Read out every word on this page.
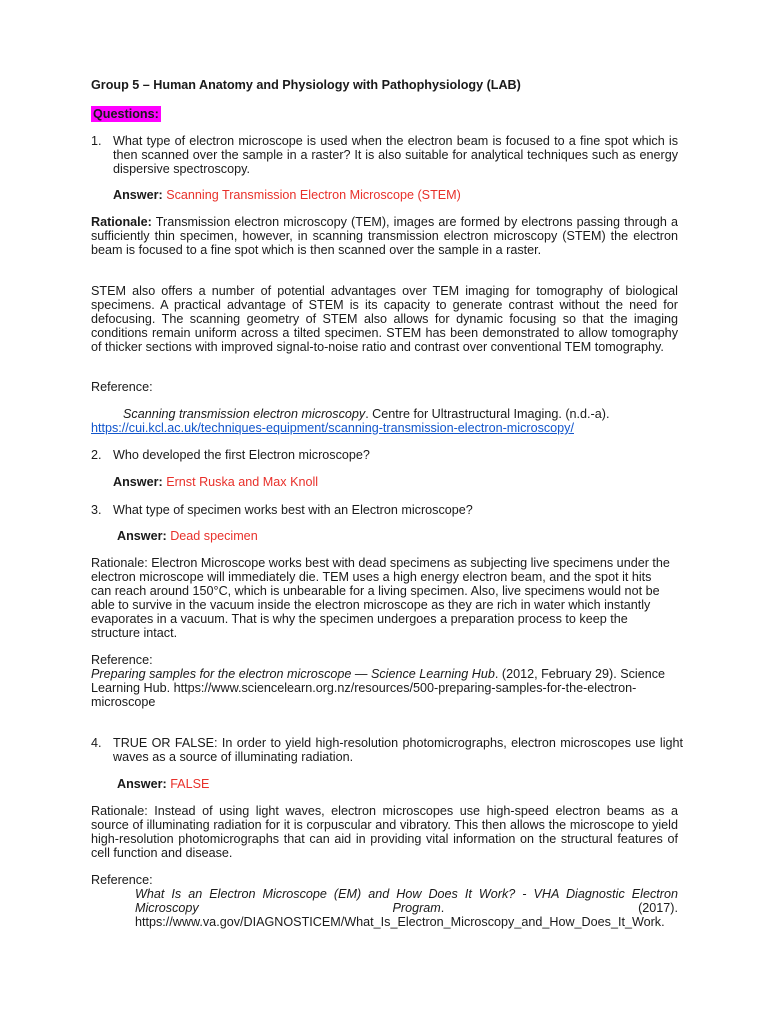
Group 5 – Human Anatomy and Physiology with Pathophysiology (LAB)
Questions:
1. What type of electron microscope is used when the electron beam is focused to a fine spot which is then scanned over the sample in a raster? It is also suitable for analytical techniques such as energy dispersive spectroscopy.
Answer: Scanning Transmission Electron Microscope (STEM)
Rationale: Transmission electron microscopy (TEM), images are formed by electrons passing through a sufficiently thin specimen, however, in scanning transmission electron microscopy (STEM) the electron beam is focused to a fine spot which is then scanned over the sample in a raster.
STEM also offers a number of potential advantages over TEM imaging for tomography of biological specimens. A practical advantage of STEM is its capacity to generate contrast without the need for defocusing. The scanning geometry of STEM also allows for dynamic focusing so that the imaging conditions remain uniform across a tilted specimen. STEM has been demonstrated to allow tomography of thicker sections with improved signal-to-noise ratio and contrast over conventional TEM tomography.
Reference:
Scanning transmission electron microscopy. Centre for Ultrastructural Imaging. (n.d.-a).
https://cui.kcl.ac.uk/techniques-equipment/scanning-transmission-electron-microscopy/
2. Who developed the first Electron microscope?
Answer: Ernst Ruska and Max Knoll
3. What type of specimen works best with an Electron microscope?
Answer: Dead specimen
Rationale: Electron Microscope works best with dead specimens as subjecting live specimens under the electron microscope will immediately die. TEM uses a high energy electron beam, and the spot it hits can reach around 150°C, which is unbearable for a living specimen. Also, live specimens would not be able to survive in the vacuum inside the electron microscope as they are rich in water which instantly evaporates in a vacuum. That is why the specimen undergoes a preparation process to keep the structure intact.
Reference:
Preparing samples for the electron microscope — Science Learning Hub. (2012, February 29). Science Learning Hub. https://www.sciencelearn.org.nz/resources/500-preparing-samples-for-the-electron-microscope
4. TRUE OR FALSE: In order to yield high-resolution photomicrographs, electron microscopes use light waves as a source of illuminating radiation.
Answer: FALSE
Rationale: Instead of using light waves, electron microscopes use high-speed electron beams as a source of illuminating radiation for it is corpuscular and vibratory. This then allows the microscope to yield high-resolution photomicrographs that can aid in providing vital information on the structural features of cell function and disease.
Reference:
What Is an Electron Microscope (EM) and How Does It Work? - VHA Diagnostic Electron Microscopy Program. (2017). https://www.va.gov/DIAGNOSTICEM/What_Is_Electron_Microscopy_and_How_Does_It_Work.
